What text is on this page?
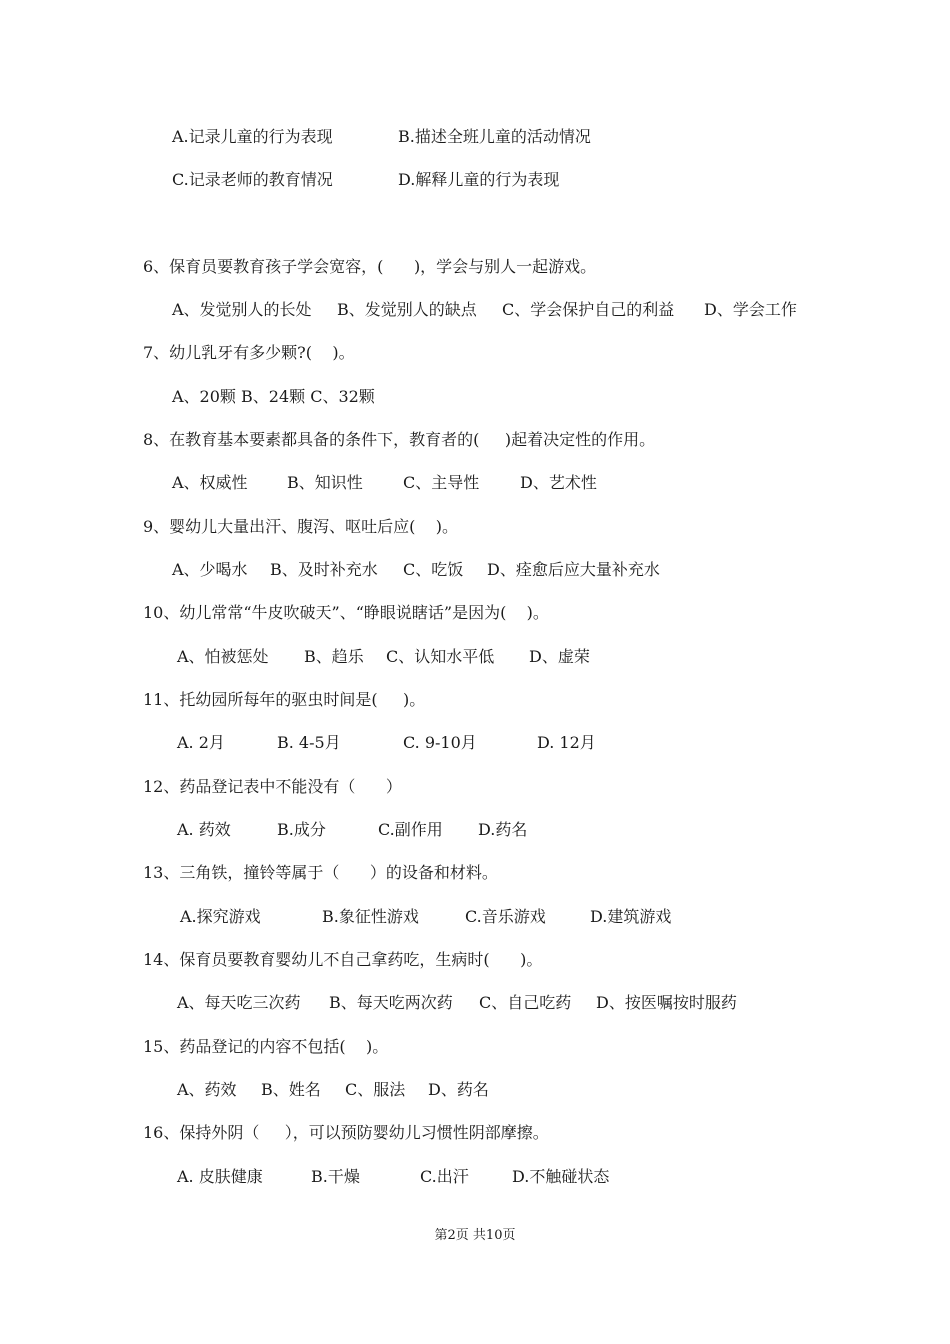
A.记录儿童的行为表现	B.描述全班儿童的活动情况
C.记录老师的教育情况	D.解释儿童的行为表现
6、保育员要教育孩子学会宽容，(      )，学会与别人一起游戏。
A、发觉别人的长处 B、发觉别人的缺点 C、学会保护自己的利益 D、学会工作
7、幼儿乳牙有多少颗?(    )。
A、20颗 B、24颗 C、32颗
8、在教育基本要素都具备的条件下，教育者的(     )起着决定性的作用。
A、权威性 B、知识性	C、主导性	D、艺术性
9、婴幼儿大量出汗、腹泻、呕吐后应(    )。
A、少喝水 B、及时补充水 C、吃饭 D、痊愈后应大量补充水
10、幼儿常常“牛皮吹破天”、“睁眼说瞎话”是因为(    )。
A、怕被惩处 B、趋乐 C、认知水平低 D、虚荣
11、托幼园所每年的驱虫时间是(     )。
A. 2月	B. 4-5月	C. 9-10月	D. 12月
12、药品登记表中不能没有（      ）
A. 药效	B.成分	C.副作用 D.药名
13、三角铁，撞铃等属于（      ）的设备和材料。
A.探究游戏	B.象征性游戏	C.音乐游戏	D.建筑游戏
14、保育员要教育婴幼儿不自己拿药吃，生病时(      )。
A、每天吃三次药 B、每天吃两次药 C、自己吃药 D、按医嘱按时服药
15、药品登记的内容不包括(    )。
A、药效 B、姓名 C、服法 D、药名
16、保持外阴（     ），可以预防婴幼儿习惯性阴部摩擦。
A. 皮肤健康	B.干燥	C.出汗	D.不触碰状态
第2页 共10页
